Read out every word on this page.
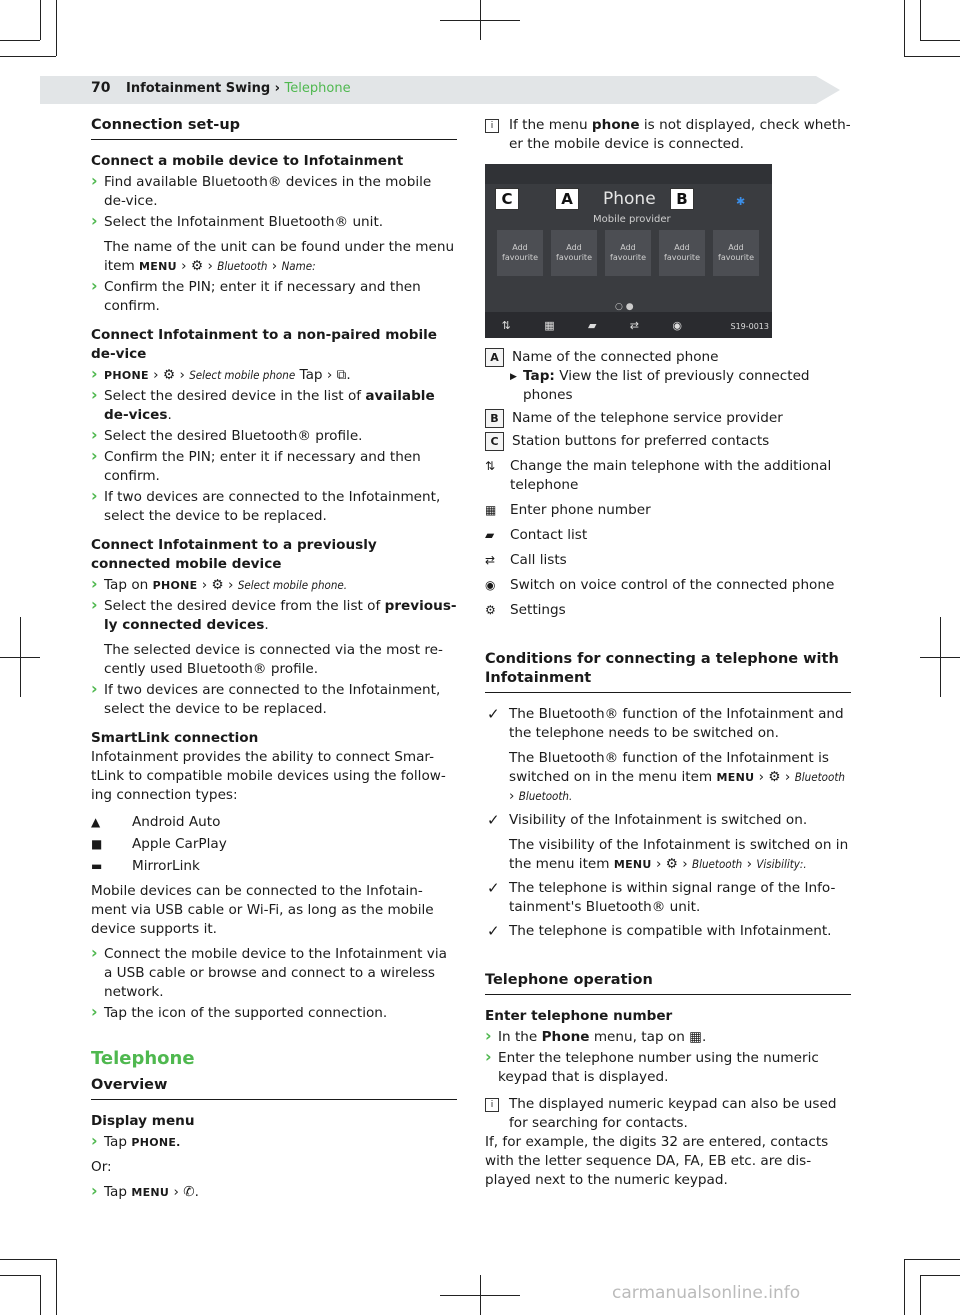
70 Infotainment Swing › Telephone
Connection set-up
Connect a mobile device to Infotainment
› Find available Bluetooth® devices in the mobile de-vice.
› Select the Infotainment Bluetooth® unit.
The name of the unit can be found under the menu item MENU › ⚙ › Bluetooth › Name:
› Confirm the PIN; enter it if necessary and then confirm.
Connect Infotainment to a non-paired mobile de-vice
› PHONE › ⚙ › Select mobile phone Tap › ⧉.
› Select the desired device in the list of available de-vices.
› Select the desired Bluetooth® profile.
› Confirm the PIN; enter it if necessary and then confirm.
› If two devices are connected to the Infotainment, select the device to be replaced.
Connect Infotainment to a previously connected mobile device
› Tap on PHONE › ⚙ › Select mobile phone.
› Select the desired device from the list of previous-ly connected devices.
The selected device is connected via the most re-cently used Bluetooth® profile.
› If two devices are connected to the Infotainment, select the device to be replaced.
SmartLink connection
Infotainment provides the ability to connect Smar-tLink to compatible mobile devices using the follow-ing connection types:
▲	Android Auto
■	Apple CarPlay
▬	MirrorLink

Mobile devices can be connected to the Infotain-ment via USB cable or Wi-Fi, as long as the mobile device supports it.

› Connect the mobile device to the Infotainment via a USB cable or browse and connect to a wireless network.
› Tap the icon of the supported connection.
Telephone
Overview
Display menu
› Tap PHONE.

Or:

› Tap MENU › ✆.
i	If the menu phone is not displayed, check wheth-er the mobile device is connected.
C	A	B
Phone
Mobile provider
✱
Add favourite
Add favourite
Add favourite
Add favourite
Add favourite
○ ●
⇅	▦	▰	⇄	◉	S19-0013
A Name of the connected phone
▶ Tap: View the list of previously connected phones
B Name of the telephone service provider
C Station buttons for preferred contacts
⇅	Change the main telephone with the additional telephone
▦	Enter phone number
▰	Contact list
⇄	Call lists
◉	Switch on voice control of the connected phone
⚙	Settings
Conditions for connecting a telephone with Infotainment
✓ The Bluetooth® function of the Infotainment and the telephone needs to be switched on.
The Bluetooth® function of the Infotainment is switched on in the menu item MENU › ⚙ › Bluetooth › Bluetooth.
✓ Visibility of the Infotainment is switched on.
The visibility of the Infotainment is switched on in the menu item MENU › ⚙ › Bluetooth › Visibility:.
✓ The telephone is within signal range of the Info-tainment's Bluetooth® unit.
✓ The telephone is compatible with Infotainment.
Telephone operation
Enter telephone number
› In the Phone menu, tap on ▦.
› Enter the telephone number using the numeric keypad that is displayed.
i	The displayed numeric keypad can also be used for searching for contacts.
If, for example, the digits 32 are entered, contacts with the letter sequence DA, FA, EB etc. are dis-played next to the numeric keypad.
carmanualsonline.info
